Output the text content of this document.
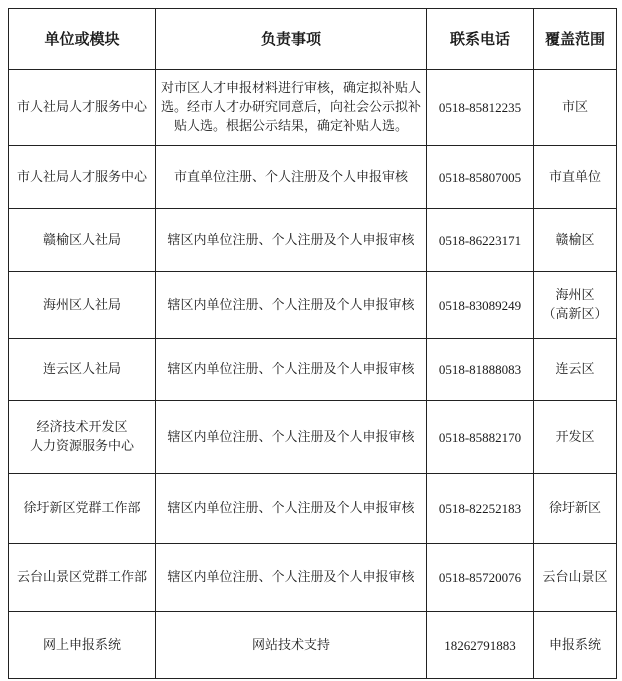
单位或模块	负责事项	联系电话	覆盖范围

市人社局人才服务中心	对市区人才申报材料进行审核，确定拟补贴人选。经市人才办研究同意后，向社会公示拟补贴人选。根据公示结果，确定补贴人选。	0518-85812235	市区

市人社局人才服务中心	市直单位注册、个人注册及个人申报审核	0518-85807005	市直单位

赣榆区人社局	辖区内单位注册、个人注册及个人申报审核	0518-86223171	赣榆区

海州区人社局	辖区内单位注册、个人注册及个人申报审核	0518-83089249	海州区
（高新区）

连云区人社局	辖区内单位注册、个人注册及个人申报审核	0518-81888083	连云区

经济技术开发区
人力资源服务中心	辖区内单位注册、个人注册及个人申报审核	0518-85882170	开发区

徐圩新区党群工作部	辖区内单位注册、个人注册及个人申报审核	0518-82252183	徐圩新区

云台山景区党群工作部	辖区内单位注册、个人注册及个人申报审核	0518-85720076	云台山景区

网上申报系统	网站技术支持	18262791883	申报系统
